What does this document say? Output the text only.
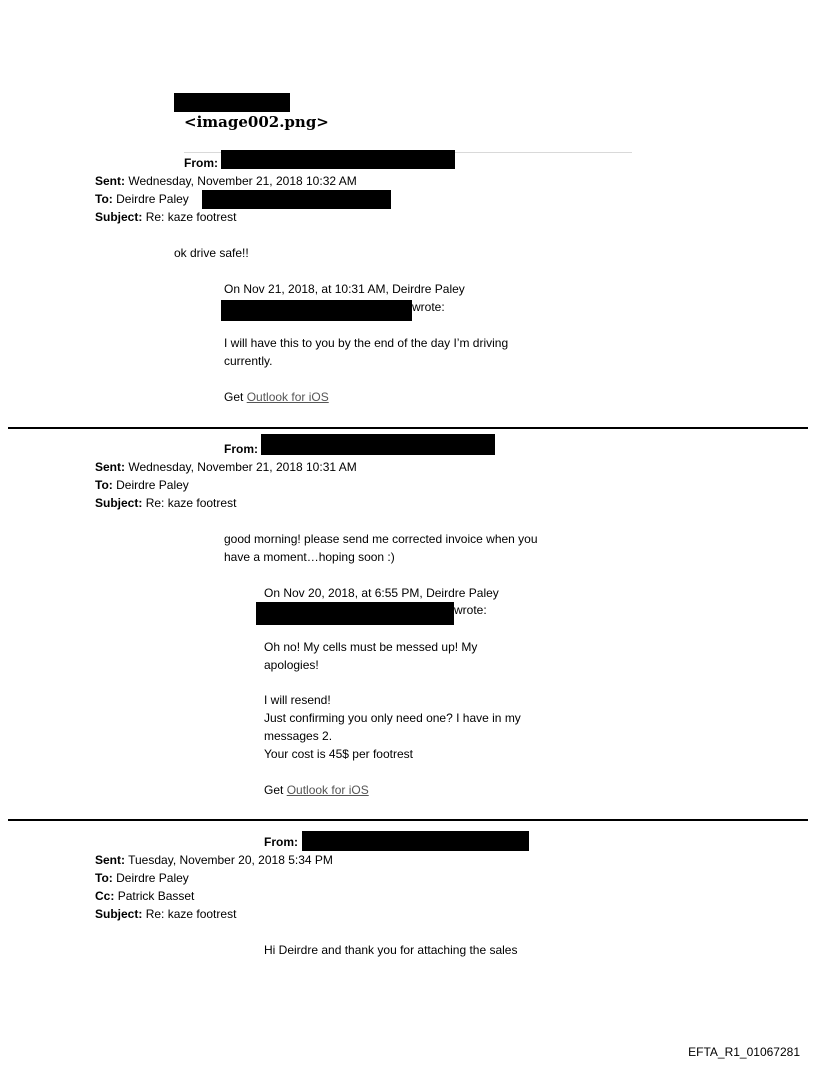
<image002.png>
From:
Sent: Wednesday, November 21, 2018 10:32 AM
To: Deirdre Paley
Subject: Re: kaze footrest
ok drive safe!!
On Nov 21, 2018, at 10:31 AM, Deirdre Paley
wrote:
I will have this to you by the end of the day I’m driving
currently.
Get Outlook for iOS
From:
Sent: Wednesday, November 21, 2018 10:31 AM
To: Deirdre Paley
Subject: Re: kaze footrest
good morning! please send me corrected invoice when you
have a moment…hoping soon :)
On Nov 20, 2018, at 6:55 PM, Deirdre Paley
wrote:
Oh no! My cells must be messed up! My
apologies!
I will resend!
Just confirming you only need one? I have in my
messages 2.
Your cost is 45$ per footrest
Get Outlook for iOS
From:
Sent: Tuesday, November 20, 2018 5:34 PM
To: Deirdre Paley
Cc: Patrick Basset
Subject: Re: kaze footrest
Hi Deirdre and thank you for attaching the sales
EFTA_R1_01067281
